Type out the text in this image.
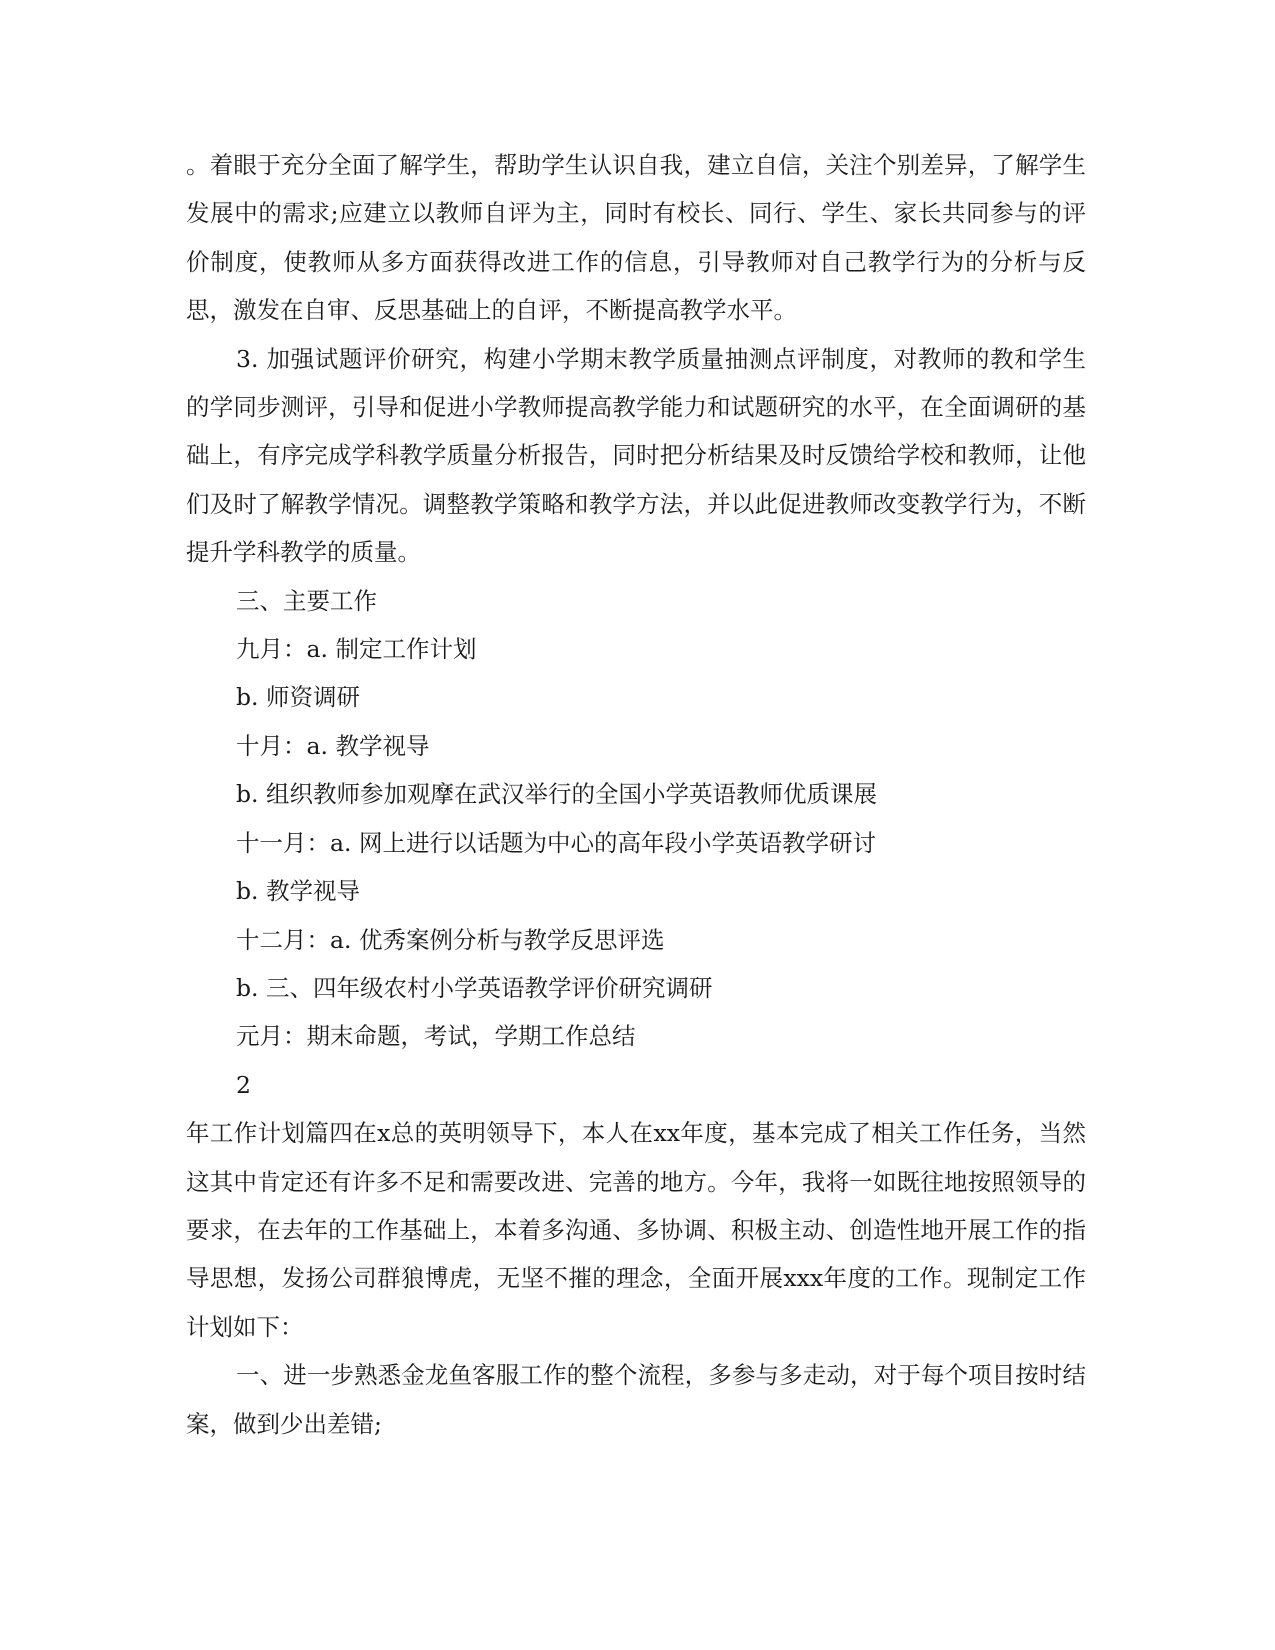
。着眼于充分全面了解学生，帮助学生认识自我，建立自信，关注个别差异，了解学生发展中的需求;应建立以教师自评为主，同时有校长、同行、学生、家长共同参与的评价制度，使教师从多方面获得改进工作的信息，引导教师对自己教学行为的分析与反思，激发在自审、反思基础上的自评，不断提高教学水平。

3. 加强试题评价研究，构建小学期末教学质量抽测点评制度，对教师的教和学生的学同步测评，引导和促进小学教师提高教学能力和试题研究的水平，在全面调研的基础上，有序完成学科教学质量分析报告，同时把分析结果及时反馈给学校和教师，让他们及时了解教学情况。调整教学策略和教学方法，并以此促进教师改变教学行为，不断提升学科教学的质量。

三、主要工作

九月：a. 制定工作计划

b. 师资调研

十月：a. 教学视导

b. 组织教师参加观摩在武汉举行的全国小学英语教师优质课展

十一月：a. 网上进行以话题为中心的高年段小学英语教学研讨

b. 教学视导

十二月：a. 优秀案例分析与教学反思评选

b. 三、四年级农村小学英语教学评价研究调研

元月：期末命题，考试，学期工作总结

2

年工作计划篇四在x总的英明领导下，本人在xx年度，基本完成了相关工作任务，当然这其中肯定还有许多不足和需要改进、完善的地方。今年，我将一如既往地按照领导的要求，在去年的工作基础上，本着多沟通、多协调、积极主动、创造性地开展工作的指导思想，发扬公司群狼博虎，无坚不摧的理念，全面开展xxx年度的工作。现制定工作计划如下：

一、进一步熟悉金龙鱼客服工作的整个流程，多参与多走动，对于每个项目按时结案，做到少出差错;
